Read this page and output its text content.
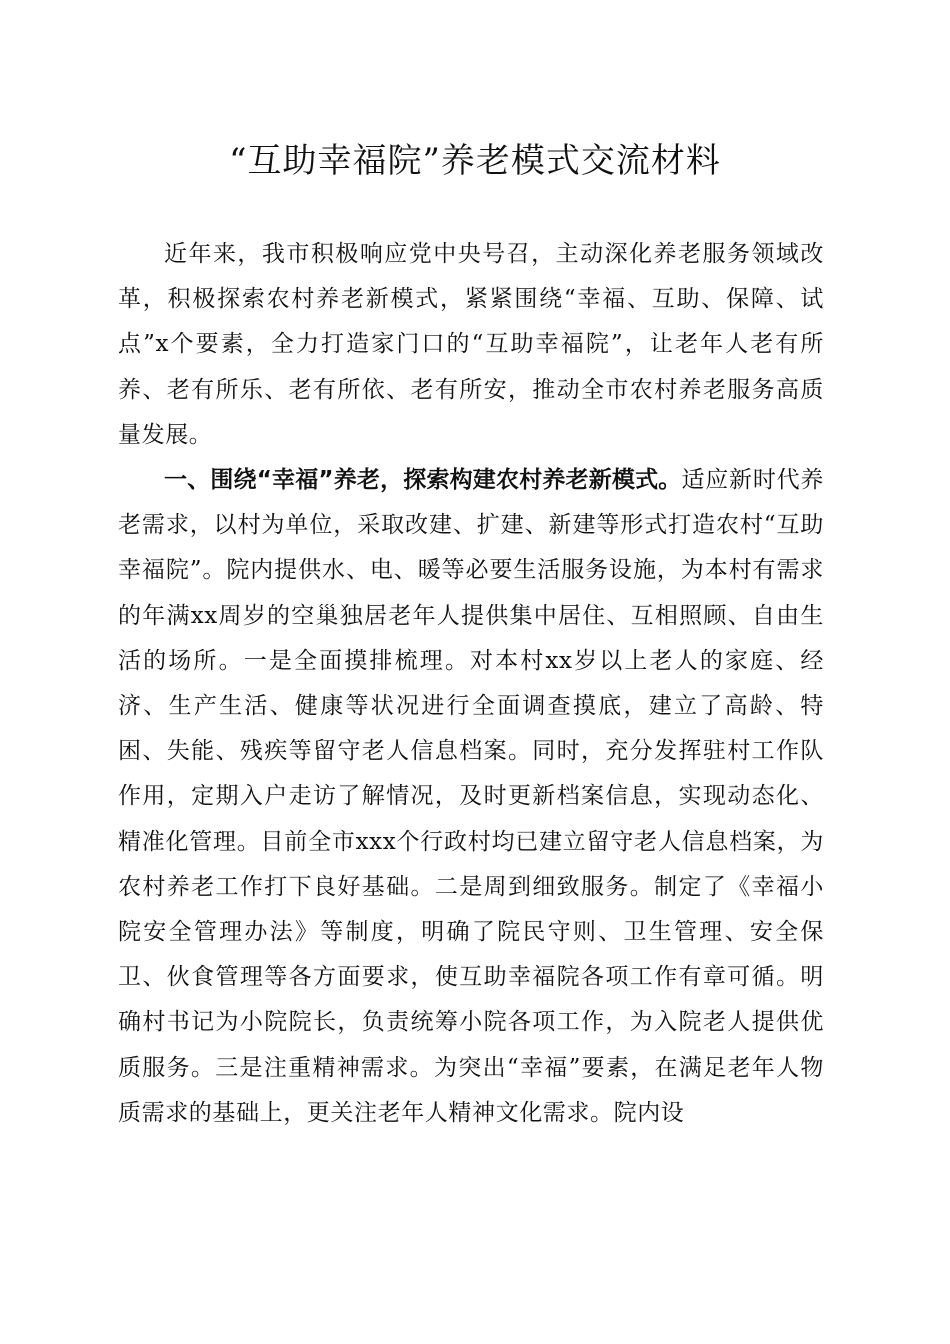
“互助幸福院”养老模式交流材料

近年来，我市积极响应党中央号召，主动深化养老服务领域改革，积极探索农村养老新模式，紧紧围绕“幸福、互助、保障、试点”x个要素，全力打造家门口的“互助幸福院”，让老年人老有所养、老有所乐、老有所依、老有所安，推动全市农村养老服务高质量发展。

一、围绕“幸福”养老，探索构建农村养老新模式。适应新时代养老需求，以村为单位，采取改建、扩建、新建等形式打造农村“互助幸福院”。院内提供水、电、暖等必要生活服务设施，为本村有需求的年满xx周岁的空巢独居老年人提供集中居住、互相照顾、自由生活的场所。一是全面摸排梳理。对本村xx岁以上老人的家庭、经济、生产生活、健康等状况进行全面调查摸底，建立了高龄、特困、失能、残疾等留守老人信息档案。同时，充分发挥驻村工作队作用，定期入户走访了解情况，及时更新档案信息，实现动态化、精准化管理。目前全市xxx个行政村均已建立留守老人信息档案，为农村养老工作打下良好基础。二是周到细致服务。制定了《幸福小院安全管理办法》等制度，明确了院民守则、卫生管理、安全保卫、伙食管理等各方面要求，使互助幸福院各项工作有章可循。明确村书记为小院院长，负责统筹小院各项工作，为入院老人提供优质服务。三是注重精神需求。为突出“幸福”要素，在满足老年人物质需求的基础上，更关注老年人精神文化需求。院内设
